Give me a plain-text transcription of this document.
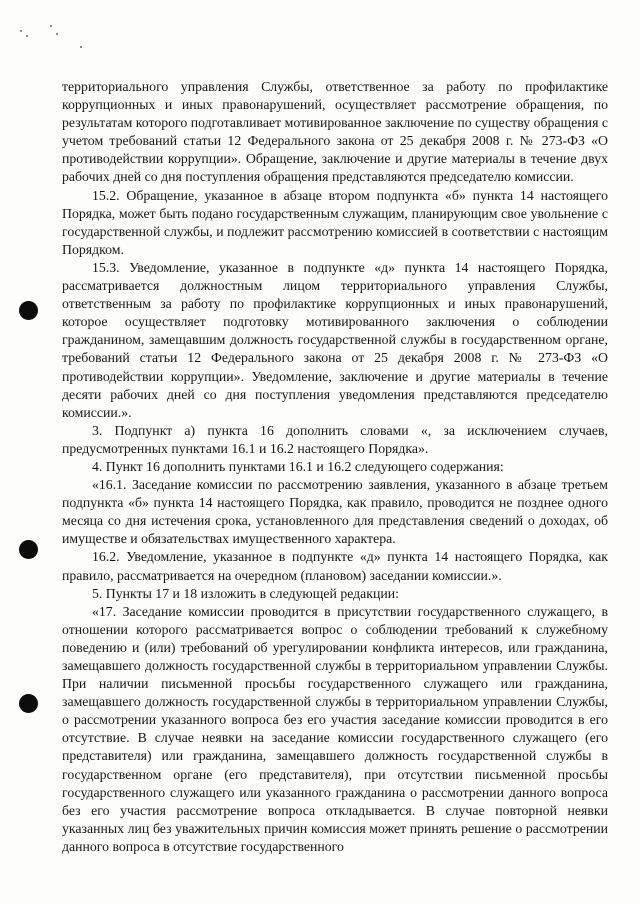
территориального управления Службы, ответственное за работу по профилактике коррупционных и иных правонарушений, осуществляет рассмотрение обращения, по результатам которого подготавливает мотивированное заключение по существу обращения с учетом требований статьи 12 Федерального закона от 25 декабря 2008 г. № 273-ФЗ «О противодействии коррупции». Обращение, заключение и другие материалы в течение двух рабочих дней со дня поступления обращения представляются председателю комиссии.

15.2. Обращение, указанное в абзаце втором подпункта «б» пункта 14 настоящего Порядка, может быть подано государственным служащим, планирующим свое увольнение с государственной службы, и подлежит рассмотрению комиссией в соответствии с настоящим Порядком.

15.3. Уведомление, указанное в подпункте «д» пункта 14 настоящего Порядка, рассматривается должностным лицом территориального управления Службы, ответственным за работу по профилактике коррупционных и иных правонарушений, которое осуществляет подготовку мотивированного заключения о соблюдении гражданином, замещавшим должность государственной службы в государственном органе, требований статьи 12 Федерального закона от 25 декабря 2008 г. № 273-ФЗ «О противодействии коррупции». Уведомление, заключение и другие материалы в течение десяти рабочих дней со дня поступления уведомления представляются председателю комиссии.».

3. Подпункт а) пункта 16 дополнить словами «, за исключением случаев, предусмотренных пунктами 16.1 и 16.2 настоящего Порядка».

4. Пункт 16 дополнить пунктами 16.1 и 16.2 следующего содержания:

«16.1. Заседание комиссии по рассмотрению заявления, указанного в абзаце третьем подпункта «б» пункта 14 настоящего Порядка, как правило, проводится не позднее одного месяца со дня истечения срока, установленного для представления сведений о доходах, об имуществе и обязательствах имущественного характера.

16.2. Уведомление, указанное в подпункте «д» пункта 14 настоящего Порядка, как правило, рассматривается на очередном (плановом) заседании комиссии.».

5. Пункты 17 и 18 изложить в следующей редакции:

«17. Заседание комиссии проводится в присутствии государственного служащего, в отношении которого рассматривается вопрос о соблюдении требований к служебному поведению и (или) требований об урегулировании конфликта интересов, или гражданина, замещавшего должность государственной службы в территориальном управлении Службы. При наличии письменной просьбы государственного служащего или гражданина, замещавшего должность государственной службы в территориальном управлении Службы, о рассмотрении указанного вопроса без его участия заседание комиссии проводится в его отсутствие. В случае неявки на заседание комиссии государственного служащего (его представителя) или гражданина, замещавшего должность государственной службы в государственном органе (его представителя), при отсутствии письменной просьбы государственного служащего или указанного гражданина о рассмотрении данного вопроса без его участия рассмотрение вопроса откладывается. В случае повторной неявки указанных лиц без уважительных причин комиссия может принять решение о рассмотрении данного вопроса в отсутствие государственного
